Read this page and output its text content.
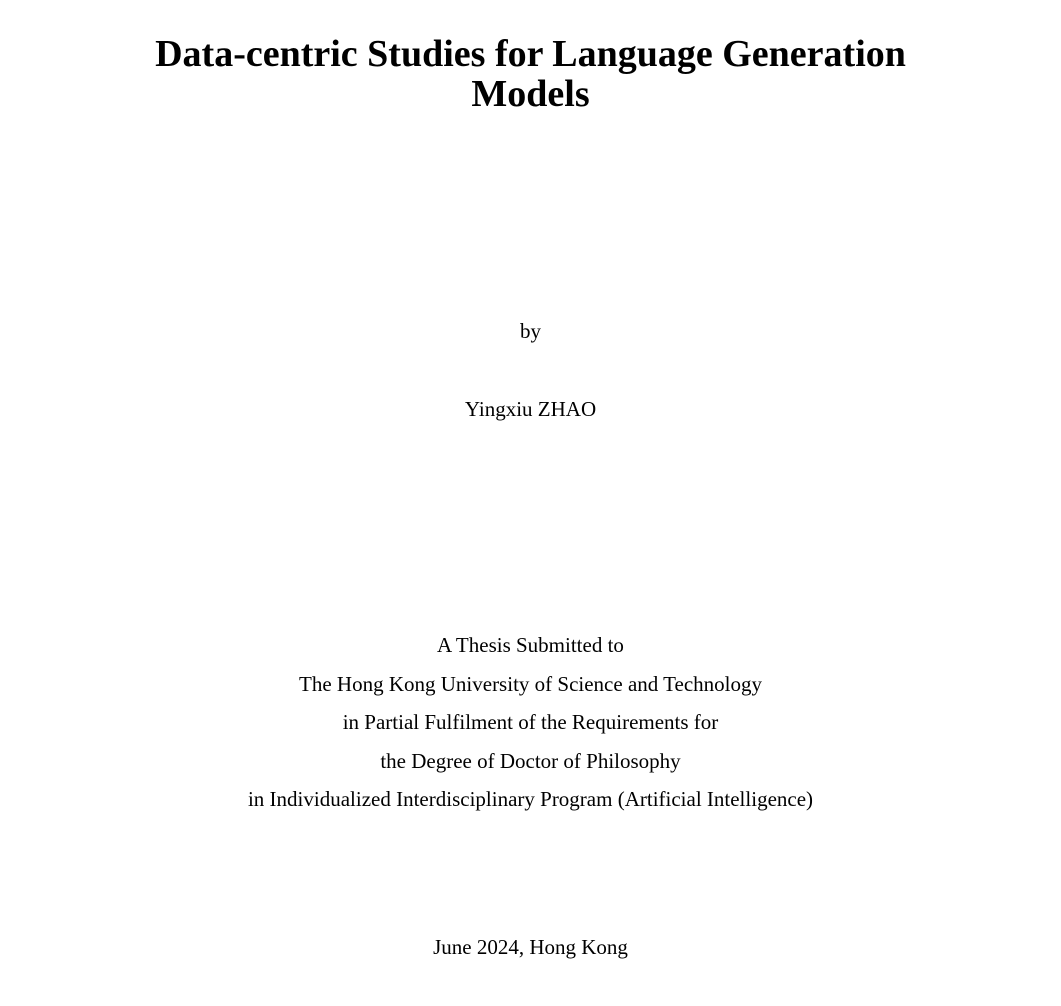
Data-centric Studies for Language Generation
Models
by
Yingxiu ZHAO
A Thesis Submitted to
The Hong Kong University of Science and Technology
in Partial Fulfilment of the Requirements for
the Degree of Doctor of Philosophy
in Individualized Interdisciplinary Program (Artificial Intelligence)
June 2024, Hong Kong
